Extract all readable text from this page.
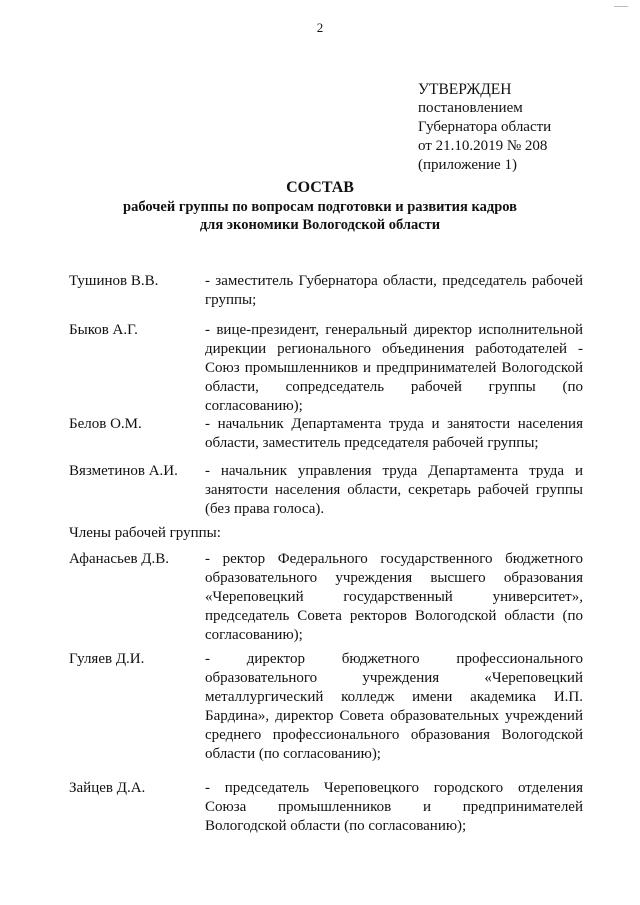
2
УТВЕРЖДЕН
постановлением
Губернатора области
от 21.10.2019 № 208
(приложение 1)
СОСТАВ
рабочей группы по вопросам подготовки и развития кадров
для экономики Вологодской области
Тушинов В.В.	- заместитель Губернатора области, председатель рабочей группы;
Быков А.Г.	- вице-президент, генеральный директор исполнительной дирекции регионального объединения работодателей - Союз промышленников и предпринимателей Вологодской области, сопредседатель рабочей группы (по согласованию);
Белов О.М.	- начальник Департамента труда и занятости населения области, заместитель председателя рабочей группы;
Вязметинов А.И. - начальник управления труда Департамента труда и занятости населения области, секретарь рабочей группы (без права голоса).
Члены рабочей группы:
Афанасьев Д.В. - ректор Федерального государственного бюджетного образовательного учреждения высшего образования «Череповецкий государственный университет», председатель Совета ректоров Вологодской области (по согласованию);
Гуляев Д.И.	- директор бюджетного профессионального образовательного учреждения «Череповецкий металлургический колледж имени академика И.П. Бардина», директор Совета образовательных учреждений среднего профессионального образования Вологодской области (по согласованию);
Зайцев Д.А.	- председатель Череповецкого городского отделения Союза промышленников и предпринимателей Вологодской области (по согласованию);
